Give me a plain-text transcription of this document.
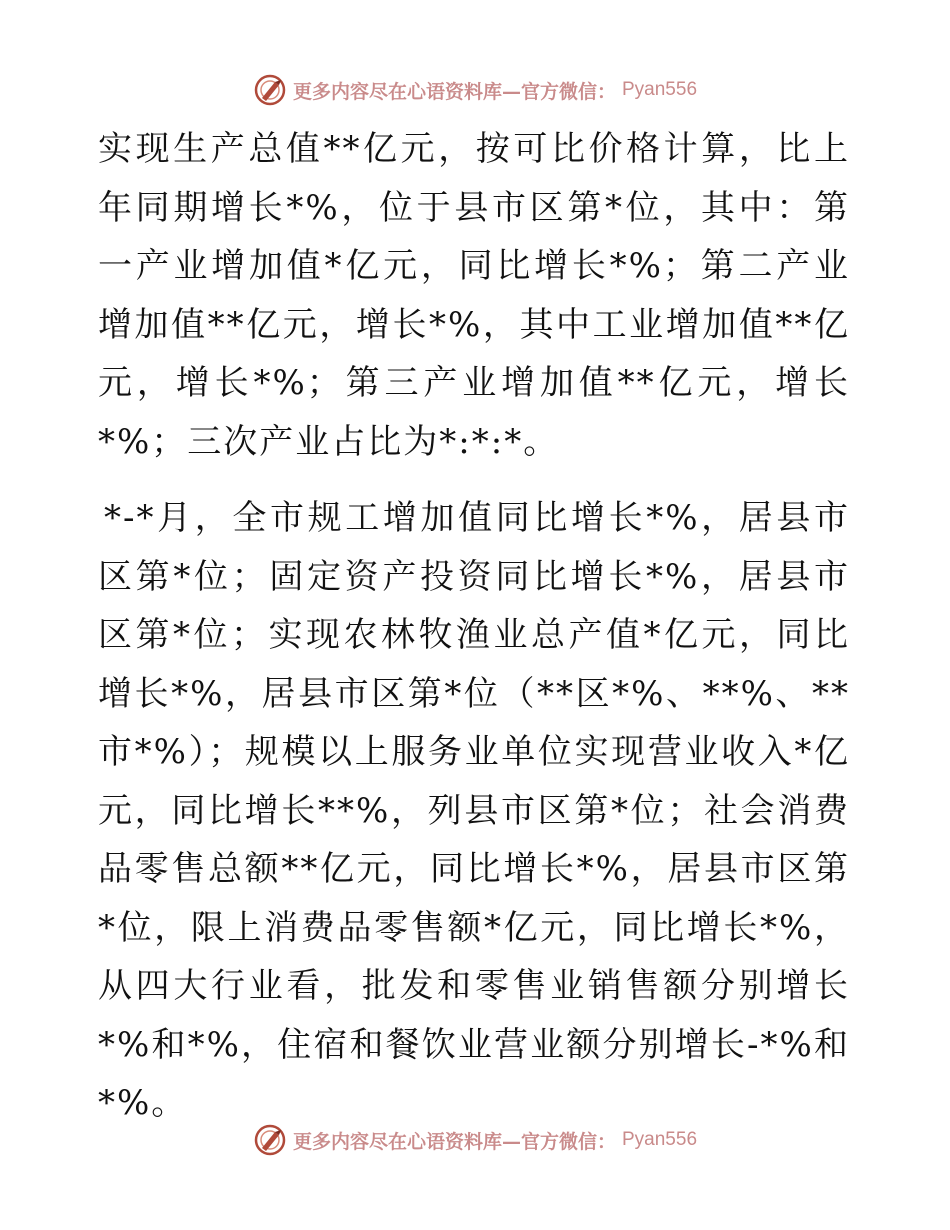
更多内容尽在心语资料库—官方微信： Pyan556

实现生产总值**亿元，按可比价格计算，比上年同期增长*%，位于县市区第*位，其中：第一产业增加值*亿元，同比增长*%；第二产业增加值**亿元，增长*%，其中工业增加值**亿元，增长*%；第三产业增加值**亿元，增长*%；三次产业占比为*:*:*。

*-*月，全市规工增加值同比增长*%，居县市区第*位；固定资产投资同比增长*%，居县市区第*位；实现农林牧渔业总产值*亿元，同比增长*%，居县市区第*位（**区*%、**%、**市*%）；规模以上服务业单位实现营业收入*亿元，同比增长**%，列县市区第*位；社会消费品零售总额**亿元，同比增长*%，居县市区第*位，限上消费品零售额*亿元，同比增长*%，从四大行业看，批发和零售业销售额分别增长*%和*%，住宿和餐饮业营业额分别增长-*%和*%。

更多内容尽在心语资料库—官方微信： Pyan556
